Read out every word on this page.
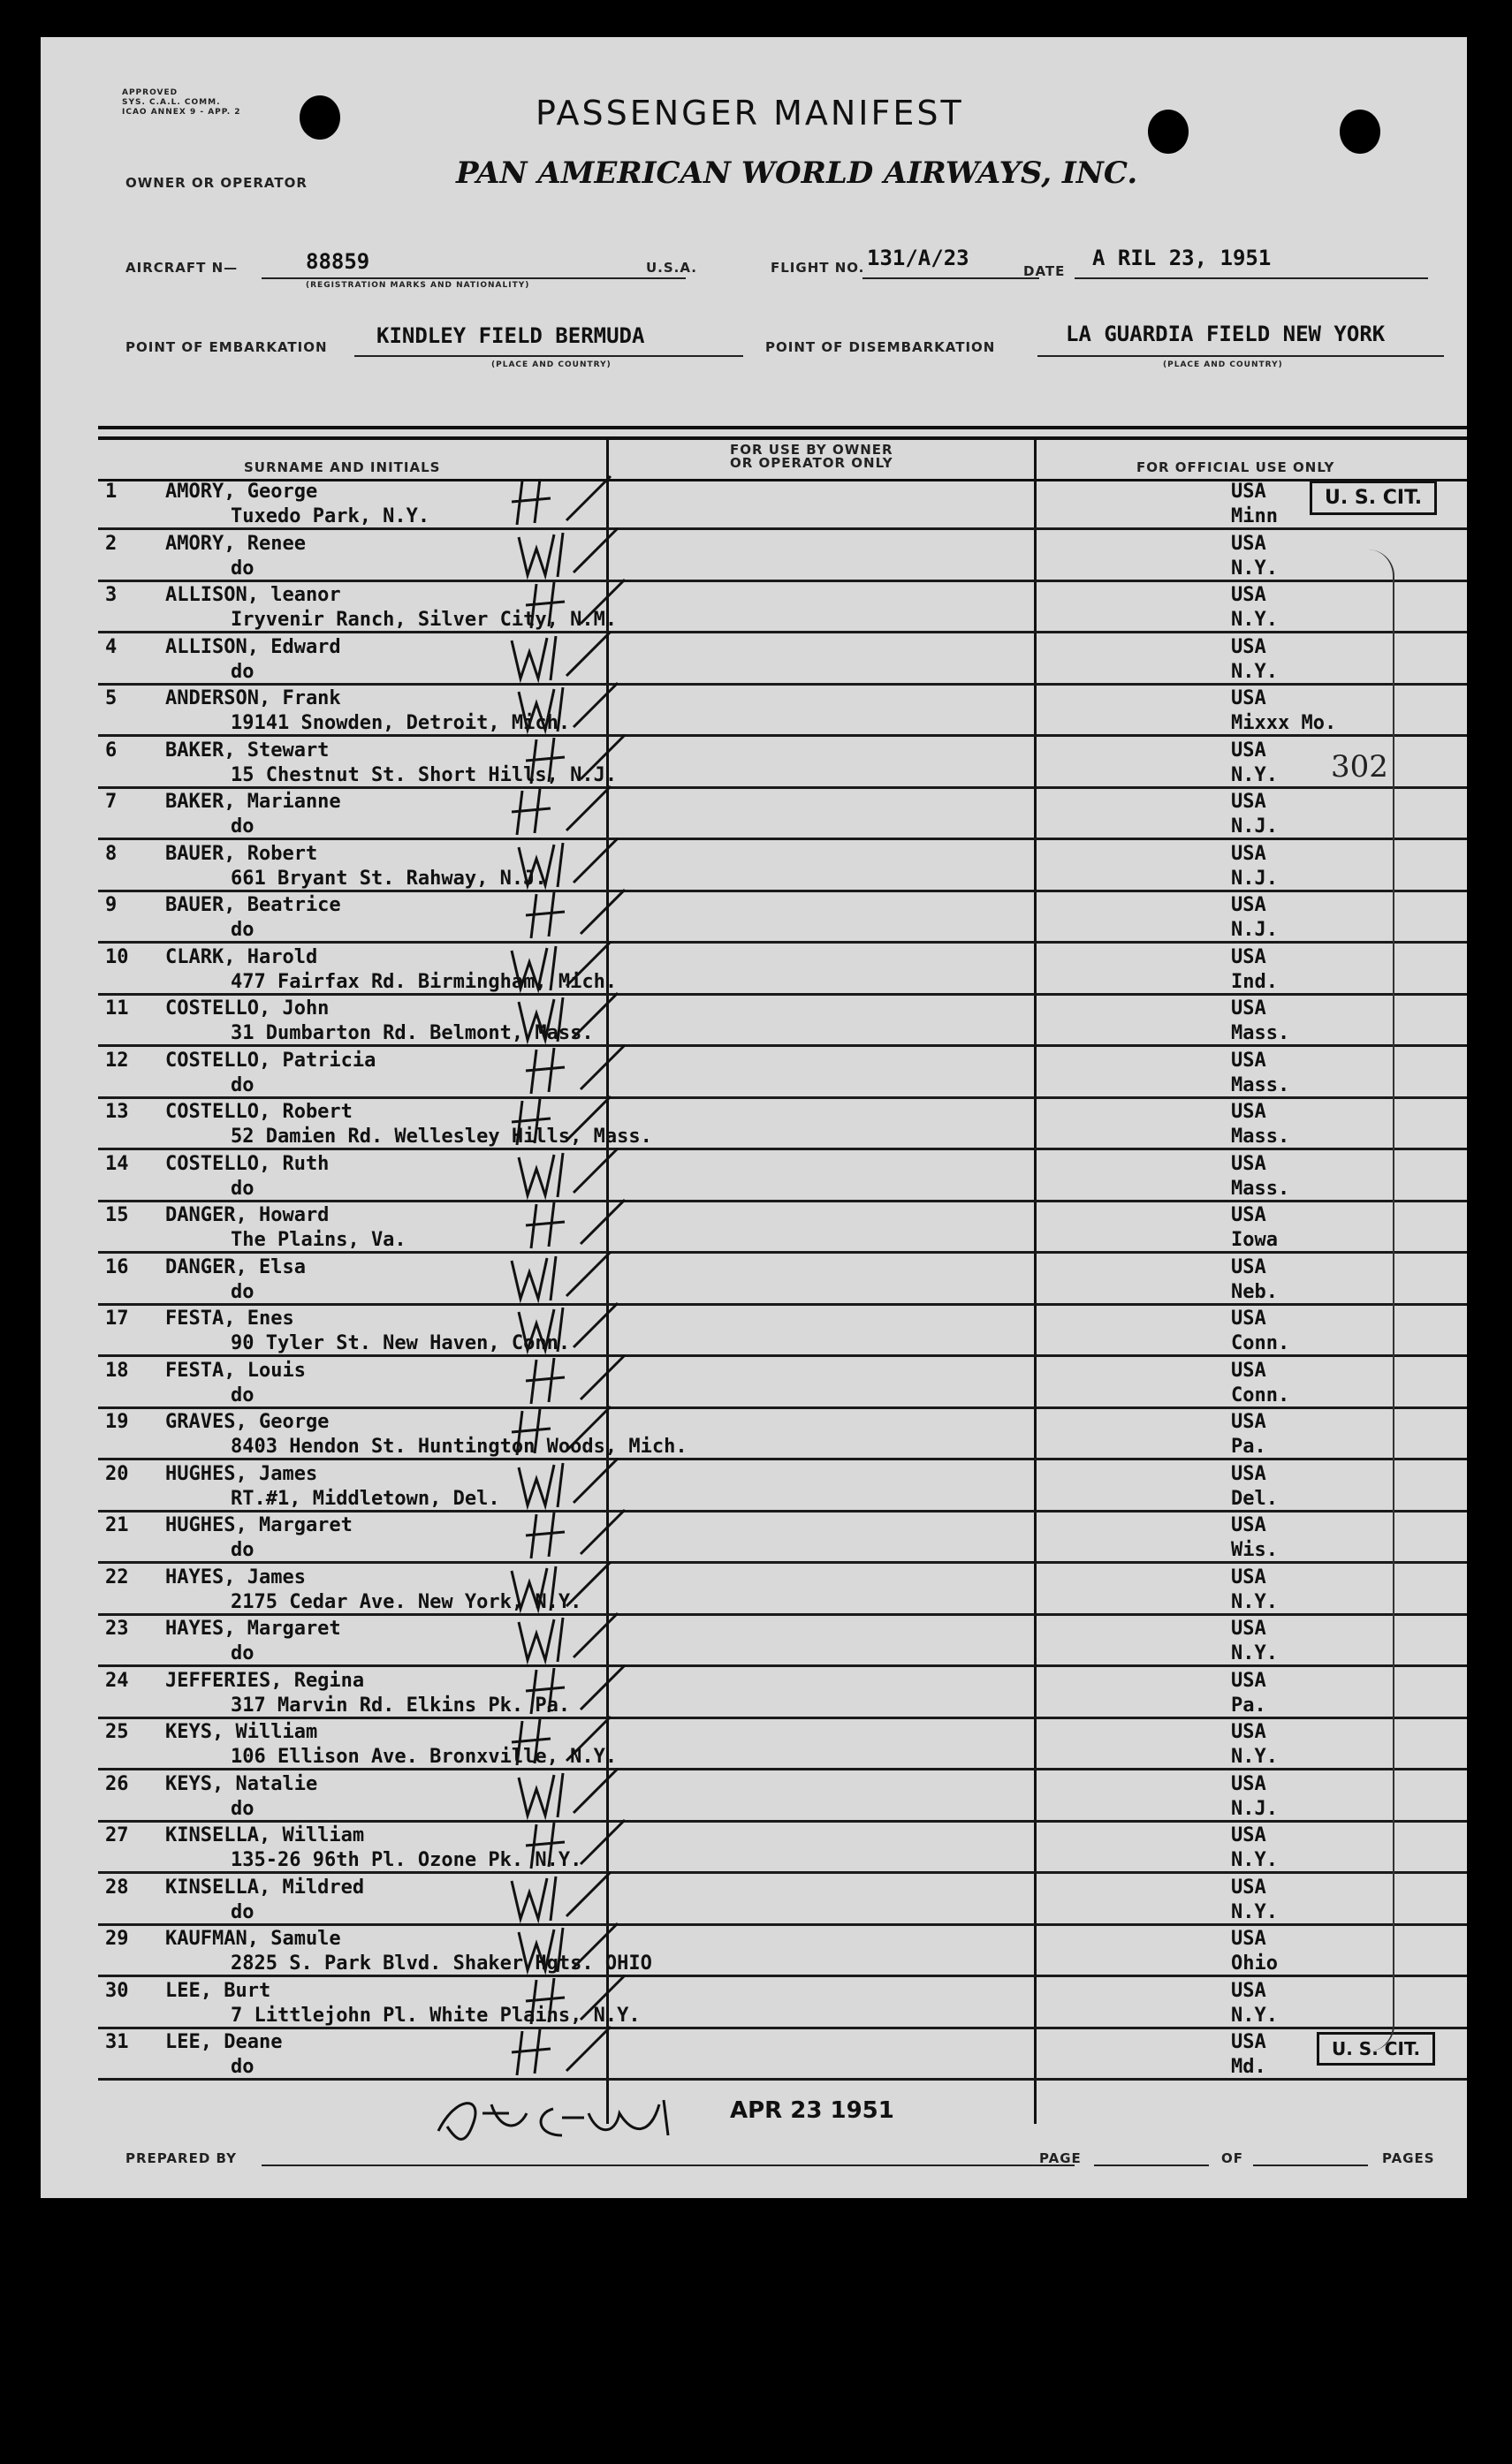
APPROVED
SYS. C.A.L. COMM.
ICAO ANNEX 9 - APP. 2	PASSENGER MANIFEST
PAN AMERICAN WORLD AIRWAYS, INC.
OWNER OR OPERATOR
AIRCRAFT N—	88859
(REGISTRATION MARKS AND NATIONALITY)
U.S.A.	FLIGHT NO. 131/A/23
DATE
A RIL 23, 1951
POINT OF EMBARKATION KINDLEY FIELD BERMUDA
(PLACE AND COUNTRY)
POINT OF DISEMBARKATION
LA GUARDIA FIELD NEW YORK
(PLACE AND COUNTRY)
SURNAME AND INITIALS
FOR USE BY OWNER
OR OPERATOR ONLY	FOR OFFICIAL USE ONLY
1	AMORY, George
Tuxedo Park, N.Y.
USA
Minn
2	AMORY, Renee
do
USA
N.Y.
3	ALLISON, leanor
Iryvenir Ranch, Silver City, N.M.
USA
N.Y.
4	ALLISON, Edward
do
USA
N.Y.
5	ANDERSON, Frank
19141 Snowden, Detroit, Mich.
USA
Mixxx Mo.
6	BAKER, Stewart
15 Chestnut St. Short Hills, N.J.
USA
N.Y.
7	BAKER, Marianne
do
USA
N.J.
8	BAUER, Robert
661 Bryant St. Rahway, N.J.
USA
N.J.
9	BAUER, Beatrice
do
USA
N.J.
10	CLARK, Harold
477 Fairfax Rd. Birmingham, Mich.
USA
Ind.
11	COSTELLO, John
31 Dumbarton Rd. Belmont, Mass.
USA
Mass.
12	COSTELLO, Patricia
do
USA
Mass.
13	COSTELLO, Robert
52 Damien Rd. Wellesley Hills, Mass.
USA
Mass.
14	COSTELLO, Ruth
do
USA
Mass.
15	DANGER, Howard
The Plains, Va.
USA
Iowa
16	DANGER, Elsa
do
USA
Neb.
17	FESTA, Enes
90 Tyler St. New Haven, Conn.
USA
Conn.
18	FESTA, Louis
do
USA
Conn.
19	GRAVES, George
8403 Hendon St. Huntington Woods, Mich.
USA
Pa.
20	HUGHES, James
RT.#1, Middletown, Del.
USA
Del.
21	HUGHES, Margaret
do
USA
Wis.
22	HAYES, James
2175 Cedar Ave. New York, N.Y.
USA
N.Y.
23	HAYES, Margaret
do
USA
N.Y.
24	JEFFERIES, Regina
317 Marvin Rd. Elkins Pk. Pa.
USA
Pa.
25	KEYS, William
106 Ellison Ave. Bronxville, N.Y.
USA
N.Y.
26	KEYS, Natalie
do
USA
N.J.
27	KINSELLA, William
135-26 96th Pl. Ozone Pk. N.Y.
USA
N.Y.
28	KINSELLA, Mildred
do
USA
N.Y.
29	KAUFMAN, Samule
2825 S. Park Blvd. Shaker Hgts. OHIO
USA
Ohio
30	LEE, Burt
7 Littlejohn Pl. White Plains, N.Y.
USA
N.Y.
31	LEE, Deane
do
USA
Md.
U. S. CIT.
U. S. CIT.
302
APR 23 1951
PREPARED BY	PAGE	OF	PAGES
